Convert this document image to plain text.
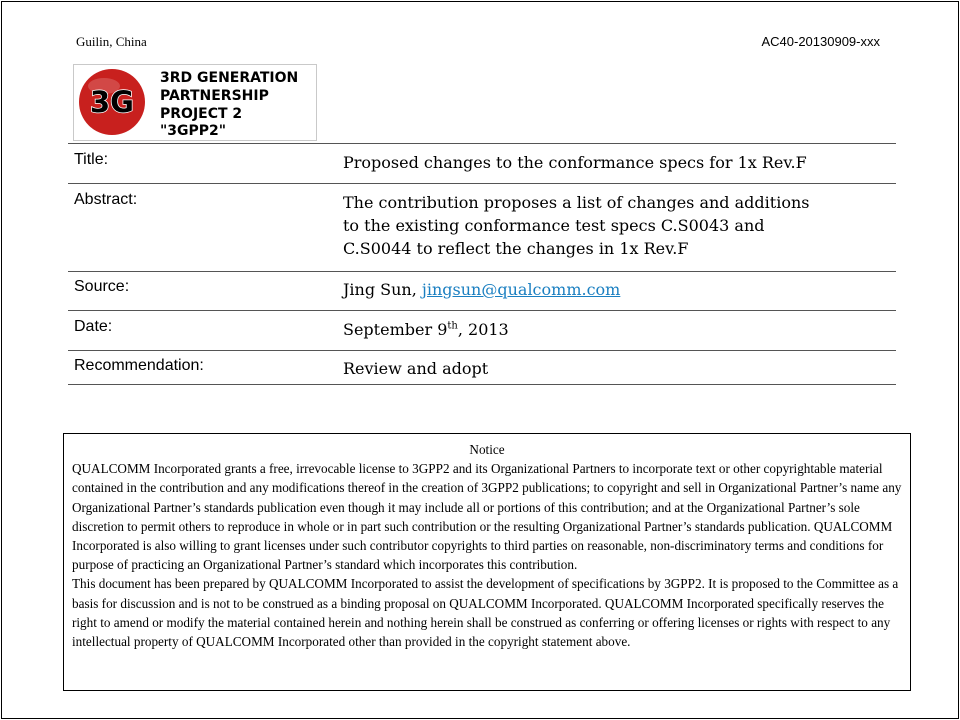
Guilin, China	AC40-20130909-xxx
3G
3RD GENERATION
PARTNERSHIP
PROJECT 2
"3GPP2"
Title:	Proposed changes to the conformance specs for 1x Rev.F
Abstract:	The contribution proposes a list of changes and additions
to the existing conformance test specs C.S0043 and
C.S0044 to reflect the changes in 1x Rev.F
Source:	Jing Sun, jingsun@qualcomm.com
Date:	September 9th, 2013
Recommendation:	Review and adopt
Notice

QUALCOMM Incorporated grants a free, irrevocable license to 3GPP2 and its Organizational Partners to incorporate text or other copyrightable material contained in the contribution and any modifications thereof in the creation of 3GPP2 publications; to copyright and sell in Organizational Partner’s name any Organizational Partner’s standards publication even though it may include all or portions of this contribution; and at the Organizational Partner’s sole discretion to permit others to reproduce in whole or in part such contribution or the resulting Organizational Partner’s standards publication. QUALCOMM Incorporated is also willing to grant licenses under such contributor copyrights to third parties on reasonable, non-discriminatory terms and conditions for purpose of practicing an Organizational Partner’s standard which incorporates this contribution.

This document has been prepared by QUALCOMM Incorporated to assist the development of specifications by 3GPP2. It is proposed to the Committee as a basis for discussion and is not to be construed as a binding proposal on QUALCOMM Incorporated. QUALCOMM Incorporated specifically reserves the right to amend or modify the material contained herein and nothing herein shall be construed as conferring or offering licenses or rights with respect to any intellectual property of QUALCOMM Incorporated other than provided in the copyright statement above.
